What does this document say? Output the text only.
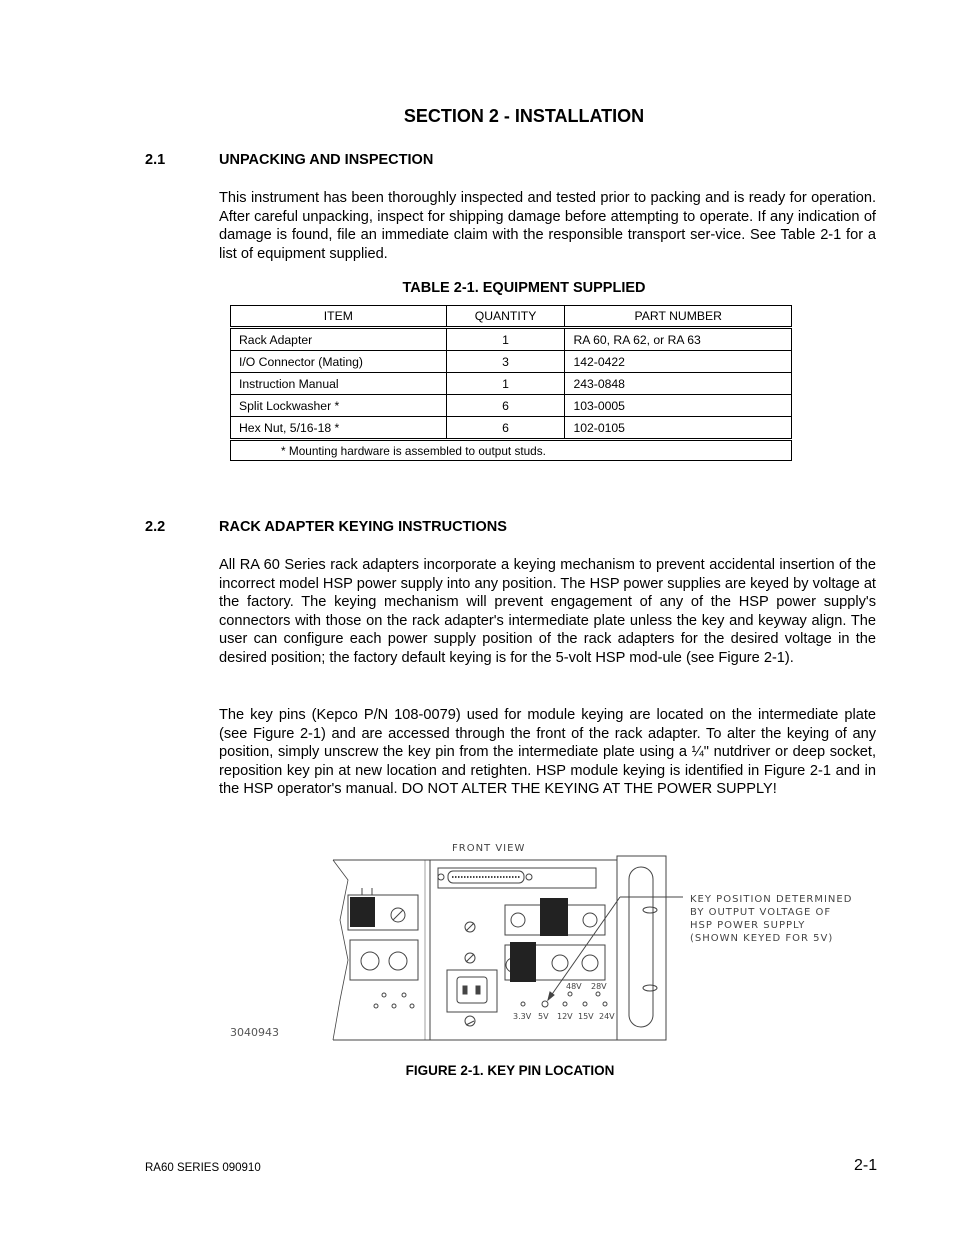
SECTION 2 - INSTALLATION
2.1	UNPACKING AND INSPECTION
This instrument has been thoroughly inspected and tested prior to packing and is ready for operation. After careful unpacking, inspect for shipping damage before attempting to operate. If any indication of damage is found, file an immediate claim with the responsible transport ser-vice. See Table 2-1 for a list of equipment supplied.
TABLE 2-1. EQUIPMENT SUPPLIED
ITEM	QUANTITY	PART NUMBER
Rack Adapter	1	RA 60, RA 62, or RA 63
I/O Connector (Mating)	3	142-0422
Instruction Manual	1	243-0848
Split Lockwasher *	6	103-0005
Hex Nut, 5/16-18 *	6	102-0105
* Mounting hardware is assembled to output studs.		
2.2	RACK ADAPTER KEYING INSTRUCTIONS
All RA 60 Series rack adapters incorporate a keying mechanism to prevent accidental insertion of the incorrect model HSP power supply into any position. The HSP power supplies are keyed by voltage at the factory. The keying mechanism will prevent engagement of any of the HSP power supply's connectors with those on the rack adapter's intermediate plate unless the key and keyway align. The user can configure each power supply position of the rack adapters for the desired voltage in the desired position; the factory default keying is for the 5-volt HSP mod-ule (see Figure 2-1).
The key pins (Kepco P/N 108-0079) used for module keying are located on the intermediate plate (see Figure 2-1) and are accessed through the front of the rack adapter. To alter the keying of any position, simply unscrew the key pin from the intermediate plate using a ¼" nutdriver or deep socket, reposition key pin at new location and retighten. HSP module keying is identified in Figure 2-1 and in the HSP operator's manual. DO NOT ALTER THE KEYING AT THE POWER SUPPLY!
FRONT VIEW
48V 28V
3.3V 5V 12V 15V 24V
KEY POSITION DETERMINED
BY OUTPUT VOLTAGE OF
HSP POWER SUPPLY
(SHOWN KEYED FOR 5V)
3040943
FIGURE 2-1. KEY PIN LOCATION
RA60 SERIES 090910	2-1
